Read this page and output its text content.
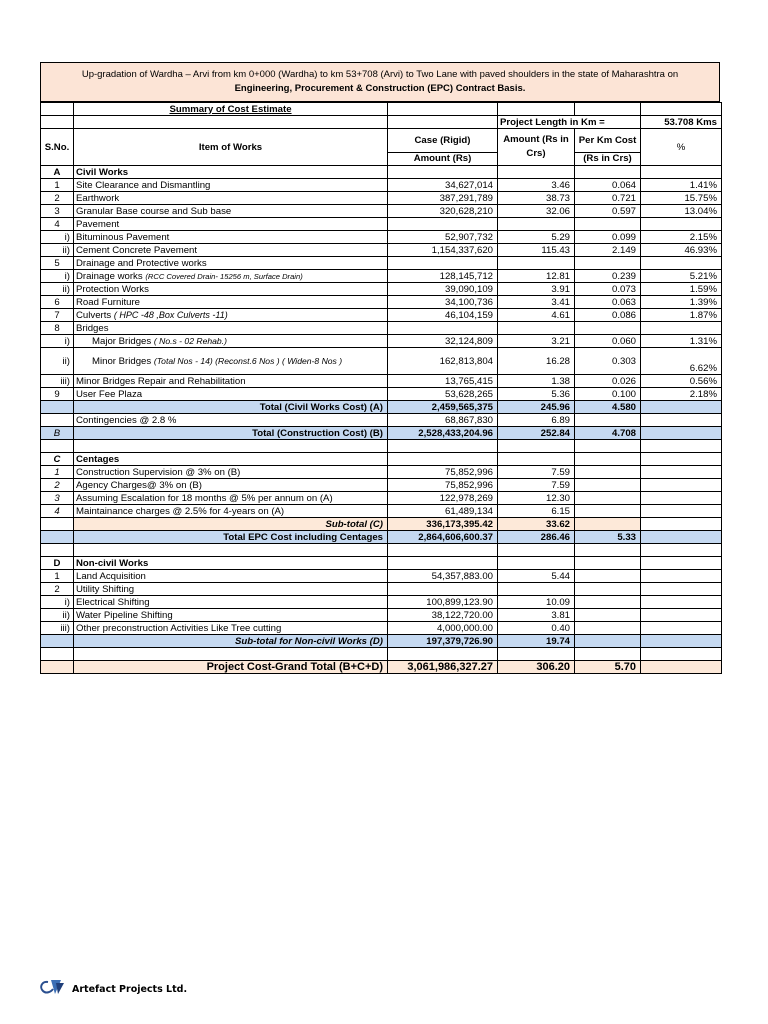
Up-gradation of Wardha – Arvi from km 0+000 (Wardha) to km 53+708 (Arvi) to Two Lane with paved shoulders in the state of Maharashtra on
Engineering, Procurement & Construction (EPC) Contract Basis.
	Summary of Cost Estimate				
			Project Length in Km =		53.708 Kms
S.No.	Item of Works	Case (Rigid)	Amount (Rs in Crs)	Per Km Cost	%
		Amount (Rs)		(Rs in Crs)	
A	Civil Works				
1	Site Clearance and Dismantling	34,627,014	3.46	0.064	1.41%
2	Earthwork	387,291,789	38.73	0.721	15.75%
3	Granular Base course and Sub base	320,628,210	32.06	0.597	13.04%
4	Pavement				
i)	Bituminous Pavement	52,907,732	5.29	0.099	2.15%
ii)	Cement Concrete Pavement	1,154,337,620	115.43	2.149	46.93%
5	Drainage and Protective works				
i)	Drainage works (RCC Covered Drain- 15256 m, Surface Drain)	128,145,712	12.81	0.239	5.21%
ii)	Protection Works	39,090,109	3.91	0.073	1.59%
6	Road Furniture	34,100,736	3.41	0.063	1.39%
7	Culverts ( HPC -48 ,Box Culverts -11)	46,104,159	4.61	0.086	1.87%
8	Bridges				
i)	Major Bridges ( No.s - 02 Rehab.)	32,124,809	3.21	0.060	1.31%
ii)	Minor Bridges (Total Nos - 14) (Reconst.6 Nos ) ( Widen-8 Nos )	162,813,804	16.28	0.303	6.62%
iii)	Minor Bridges Repair and Rehabilitation	13,765,415	1.38	0.026	0.56%
9	User Fee Plaza	53,628,265	5.36	0.100	2.18%
	Total (Civil Works Cost) (A)	2,459,565,375	245.96	4.580	
	Contingencies @ 2.8 %	68,867,830	6.89		
B	Total (Construction Cost) (B)	2,528,433,204.96	252.84	4.708	

C	Centages				
1	Construction Supervision @ 3% on (B)	75,852,996	7.59		
2	Agency Charges@ 3% on (B)	75,852,996	7.59		
3	Assuming Escalation for 18 months @ 5% per annum on (A)	122,978,269	12.30		
4	Maintainance charges @ 2.5% for 4-years on (A)	61,489,134	6.15		
	Sub-total (C)	336,173,395.42	33.62		
	Total EPC Cost including Centages	2,864,606,600.37	286.46	5.33	

D	Non-civil Works				
1	Land Acquisition	54,357,883.00	5.44		
2	Utility Shifting				
i)	Electrical Shifting	100,899,123.90	10.09		
ii)	Water Pipeline Shifting	38,122,720.00	3.81		
iii)	Other preconstruction Activities Like Tree cutting	4,000,000.00	0.40		
	Sub-total for Non-civil Works (D)	197,379,726.90	19.74		

	Project Cost-Grand Total (B+C+D)	3,061,986,327.27	306.20	5.70	
Artefact Projects Ltd.
